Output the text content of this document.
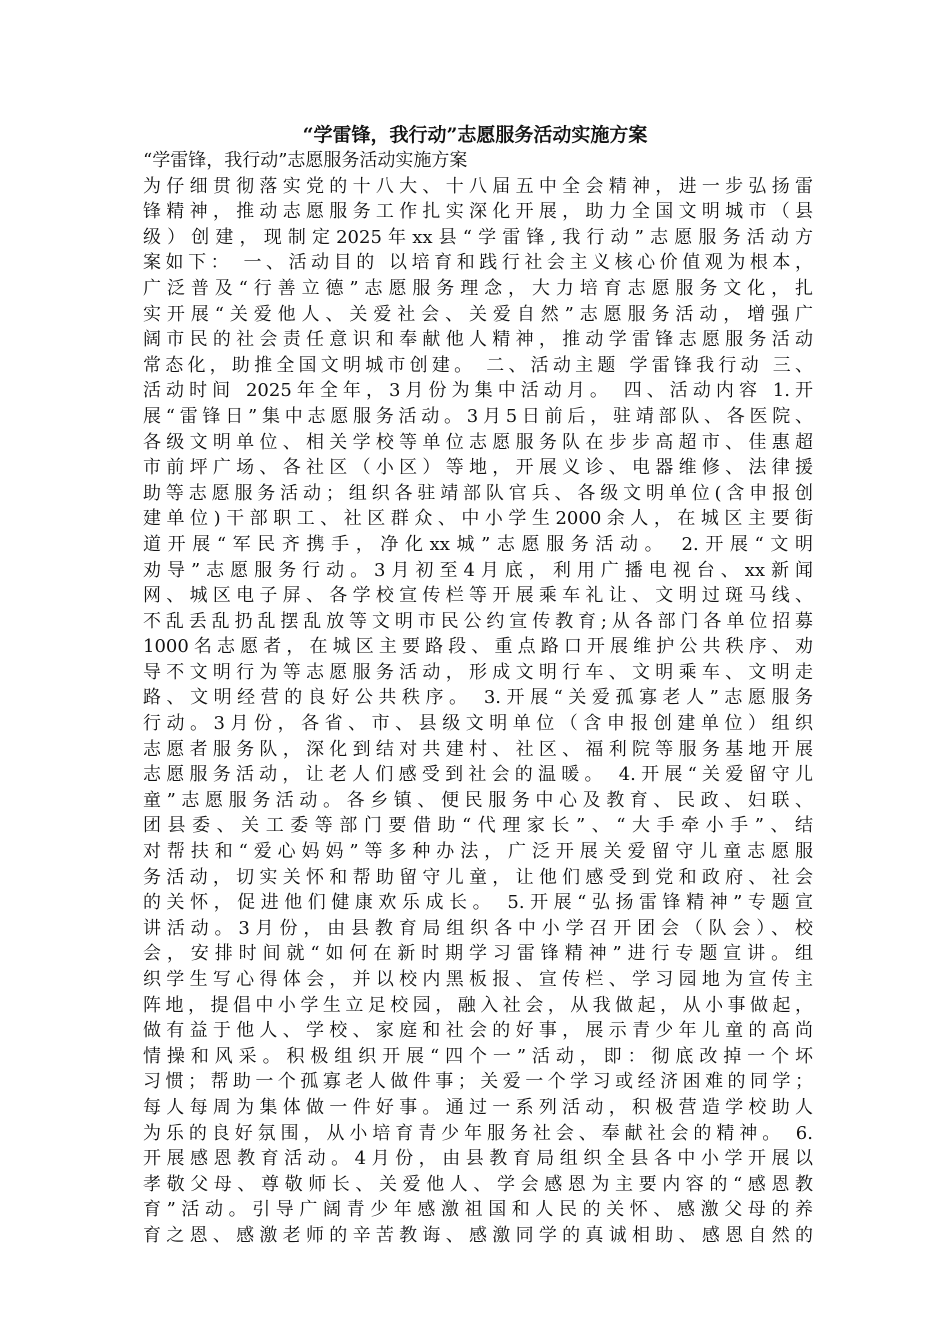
“学雷锋，我行动”志愿服务活动实施方案
“学雷锋，我行动”志愿服务活动实施方案
为仔细贯彻落实党的十八大、十八届五中全会精神，进一步弘扬雷
锋精神，推动志愿服务工作扎实深化开展，助力全国文明城市（县
级）创建，现制定2025年xx县“学雷锋,我行动”志愿服务活动方
案如下： 一、活动目的 以培育和践行社会主义核心价值观为根本，
广泛普及“行善立德”志愿服务理念，大力培育志愿服务文化，扎
实开展“关爱他人、关爱社会、关爱自然”志愿服务活动，增强广
阔市民的社会责任意识和奉献他人精神，推动学雷锋志愿服务活动
常态化，助推全国文明城市创建。 二、活动主题 学雷锋我行动 三、
活动时间 2025年全年，3月份为集中活动月。 四、活动内容 1.开
展“雷锋日”集中志愿服务活动。3月5日前后，驻靖部队、各医院、
各级文明单位、相关学校等单位志愿服务队在步步高超市、佳惠超
市前坪广场、各社区（小区）等地，开展义诊、电器维修、法律援
助等志愿服务活动；组织各驻靖部队官兵、各级文明单位(含申报创
建单位)干部职工、社区群众、中小学生2000余人，在城区主要街
道开展“军民齐携手，净化xx城”志愿服务活动。 2.开展“文明
劝导”志愿服务行动。3月初至4月底，利用广播电视台、xx新闻
网、城区电子屏、各学校宣传栏等开展乘车礼让、文明过斑马线、
不乱丢乱扔乱摆乱放等文明市民公约宣传教育;从各部门各单位招募
1000名志愿者，在城区主要路段、重点路口开展维护公共秩序、劝
导不文明行为等志愿服务活动，形成文明行车、文明乘车、文明走
路、文明经营的良好公共秩序。 3.开展“关爱孤寡老人”志愿服务
行动。3月份，各省、市、县级文明单位（含申报创建单位）组织
志愿者服务队，深化到结对共建村、社区、福利院等服务基地开展
志愿服务活动，让老人们感受到社会的温暖。 4.开展“关爱留守儿
童”志愿服务活动。各乡镇、便民服务中心及教育、民政、妇联、
团县委、关工委等部门要借助“代理家长”、“大手牵小手”、结
对帮扶和“爱心妈妈”等多种办法，广泛开展关爱留守儿童志愿服
务活动，切实关怀和帮助留守儿童，让他们感受到党和政府、社会
的关怀，促进他们健康欢乐成长。 5.开展“弘扬雷锋精神”专题宣
讲活动。3月份，由县教育局组织各中小学召开团会（队会）、校
会，安排时间就“如何在新时期学习雷锋精神”进行专题宣讲。组
织学生写心得体会，并以校内黑板报、宣传栏、学习园地为宣传主
阵地，提倡中小学生立足校园，融入社会，从我做起，从小事做起，
做有益于他人、学校、家庭和社会的好事，展示青少年儿童的高尚
情操和风采。积极组织开展“四个一”活动，即：彻底改掉一个坏
习惯；帮助一个孤寡老人做件事；关爱一个学习或经济困难的同学；
每人每周为集体做一件好事。通过一系列活动，积极营造学校助人
为乐的良好氛围，从小培育青少年服务社会、奉献社会的精神。 6.
开展感恩教育活动。4月份，由县教育局组织全县各中小学开展以
孝敬父母、尊敬师长、关爱他人、学会感恩为主要内容的“感恩教
育”活动。引导广阔青少年感激祖国和人民的关怀、感激父母的养
育之恩、感激老师的辛苦教诲、感激同学的真诚相助、感恩自然的
